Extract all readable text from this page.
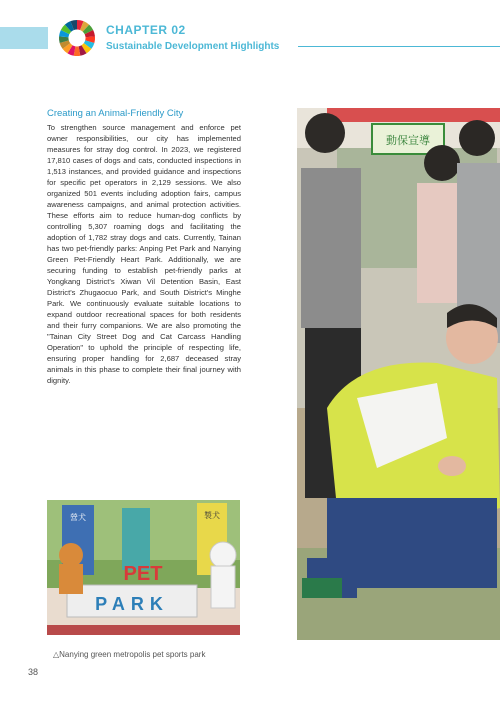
CHAPTER 02
Sustainable Development Highlights
Creating an Animal-Friendly City

To strengthen source management and enforce pet owner responsibilities, our city has implemented measures for stray dog control. In 2023, we registered 17,810 cases of dogs and cats, conducted inspections in 1,513 instances, and provided guidance and inspections for specific pet operators in 2,129 sessions. We also organized 501 events including adoption fairs, campus awareness campaigns, and animal protection activities. These efforts aim to reduce human-dog conflicts by controlling 5,307 roaming dogs and facilitating the adoption of 1,782 stray dogs and cats. Currently, Tainan has two pet-friendly parks: Anping Pet Park and Nanying Green Pet-Friendly Heart Park. Additionally, we are securing funding to establish pet-friendly parks at Yongkang District's Xiwan Vil Detention Basin, East District's Zhugaocuo Park, and South District's Minghe Park. We continuously evaluate suitable locations to expand outdoor recreational spaces for both residents and their furry companions. We are also promoting the "Tainan City Street Dog and Cat Carcass Handling Operation" to uphold the principle of respecting life, ensuring proper handling for 2,687 deceased stray animals in this phase to complete their final journey with dignity.

動保宣導
營犬	製犬
PET
PARK
△Nanying green metropolis pet sports park
38
